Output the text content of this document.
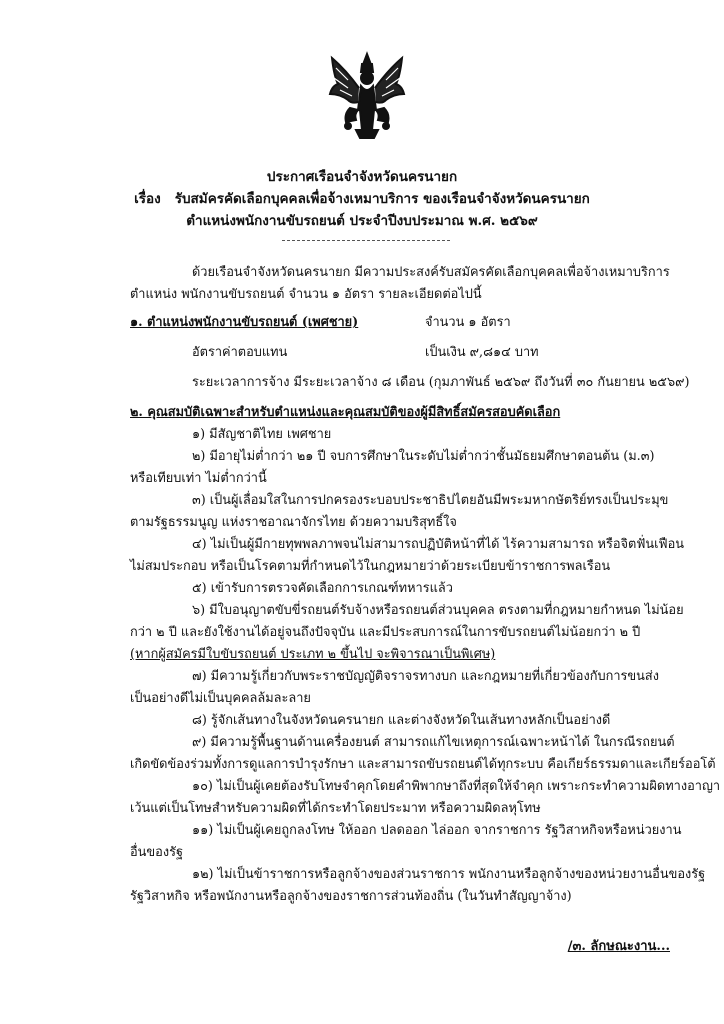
ประกาศเรือนจำจังหวัดนครนายก
เรื่อง รับสมัครคัดเลือกบุคคลเพื่อจ้างเหมาบริการ ของเรือนจำจังหวัดนครนายก
ตำแหน่งพนักงานขับรถยนต์ ประจำปีงบประมาณ พ.ศ. ๒๕๖๙
ด้วยเรือนจำจังหวัดนครนายก มีความประสงค์รับสมัครคัดเลือกบุคคลเพื่อจ้างเหมาบริการ
ตำแหน่ง พนักงานขับรถยนต์ จำนวน ๑ อัตรา รายละเอียดต่อไปนี้
๑. ตำแหน่งพนักงานขับรถยนต์ (เพศชาย)	จำนวน ๑ อัตรา
อัตราค่าตอบแทน	เป็นเงิน ๙,๘๑๔ บาท
ระยะเวลาการจ้าง มีระยะเวลาจ้าง ๘ เดือน (กุมภาพันธ์ ๒๕๖๙ ถึงวันที่ ๓๐ กันยายน ๒๕๖๙)
๒. คุณสมบัติเฉพาะสำหรับตำแหน่งและคุณสมบัติของผู้มีสิทธิ์สมัครสอบคัดเลือก
๑) มีสัญชาติไทย เพศชาย
๒) มีอายุไม่ต่ำกว่า ๒๑ ปี จบการศึกษาในระดับไม่ต่ำกว่าชั้นมัธยมศึกษาตอนต้น (ม.๓)
หรือเทียบเท่า ไม่ต่ำกว่านี้
๓) เป็นผู้เลื่อมใสในการปกครองระบอบประชาธิปไตยอันมีพระมหากษัตริย์ทรงเป็นประมุข
ตามรัฐธรรมนูญ แห่งราชอาณาจักรไทย ด้วยความบริสุทธิ์ใจ
๔) ไม่เป็นผู้มีกายทุพพลภาพจนไม่สามารถปฏิบัติหน้าที่ได้ ไร้ความสามารถ หรือจิตฟั่นเฟือน
ไม่สมประกอบ หรือเป็นโรคตามที่กำหนดไว้ในกฎหมายว่าด้วยระเบียบข้าราชการพลเรือน
๕) เข้ารับการตรวจคัดเลือกการเกณฑ์ทหารแล้ว
๖) มีใบอนุญาตขับขี่รถยนต์รับจ้างหรือรถยนต์ส่วนบุคคล ตรงตามที่กฎหมายกำหนด ไม่น้อย
กว่า ๒ ปี และยังใช้งานได้อยู่จนถึงปัจจุบัน และมีประสบการณ์ในการขับรถยนต์ไม่น้อยกว่า ๒ ปี
(หากผู้สมัครมีใบขับรถยนต์ ประเภท ๒ ขึ้นไป จะพิจารณาเป็นพิเศษ)
๗) มีความรู้เกี่ยวกับพระราชบัญญัติจราจรทางบก และกฎหมายที่เกี่ยวข้องกับการขนส่ง
เป็นอย่างดีไม่เป็นบุคคลล้มละลาย
๘) รู้จักเส้นทางในจังหวัดนครนายก และต่างจังหวัดในเส้นทางหลักเป็นอย่างดี
๙) มีความรู้พื้นฐานด้านเครื่องยนต์ สามารถแก้ไขเหตุการณ์เฉพาะหน้าได้ ในกรณีรถยนต์
เกิดขัดข้องร่วมทั้งการดูแลการบำรุงรักษา และสามารถขับรถยนต์ได้ทุกระบบ คือเกียร์ธรรมดาและเกียร์ออโต้
๑๐) ไม่เป็นผู้เคยต้องรับโทษจำคุกโดยคำพิพากษาถึงที่สุดให้จำคุก เพราะกระทำความผิดทางอาญา
เว้นแต่เป็นโทษสำหรับความผิดที่ได้กระทำโดยประมาท หรือความผิดลหุโทษ
๑๑) ไม่เป็นผู้เคยถูกลงโทษ ให้ออก ปลดออก ไล่ออก จากราชการ รัฐวิสาหกิจหรือหน่วยงาน
อื่นของรัฐ
๑๒) ไม่เป็นข้าราชการหรือลูกจ้างของส่วนราชการ พนักงานหรือลูกจ้างของหน่วยงานอื่นของรัฐ
รัฐวิสาหกิจ หรือพนักงานหรือลูกจ้างของราชการส่วนท้องถิ่น (ในวันทำสัญญาจ้าง)
/๓. ลักษณะงาน...
